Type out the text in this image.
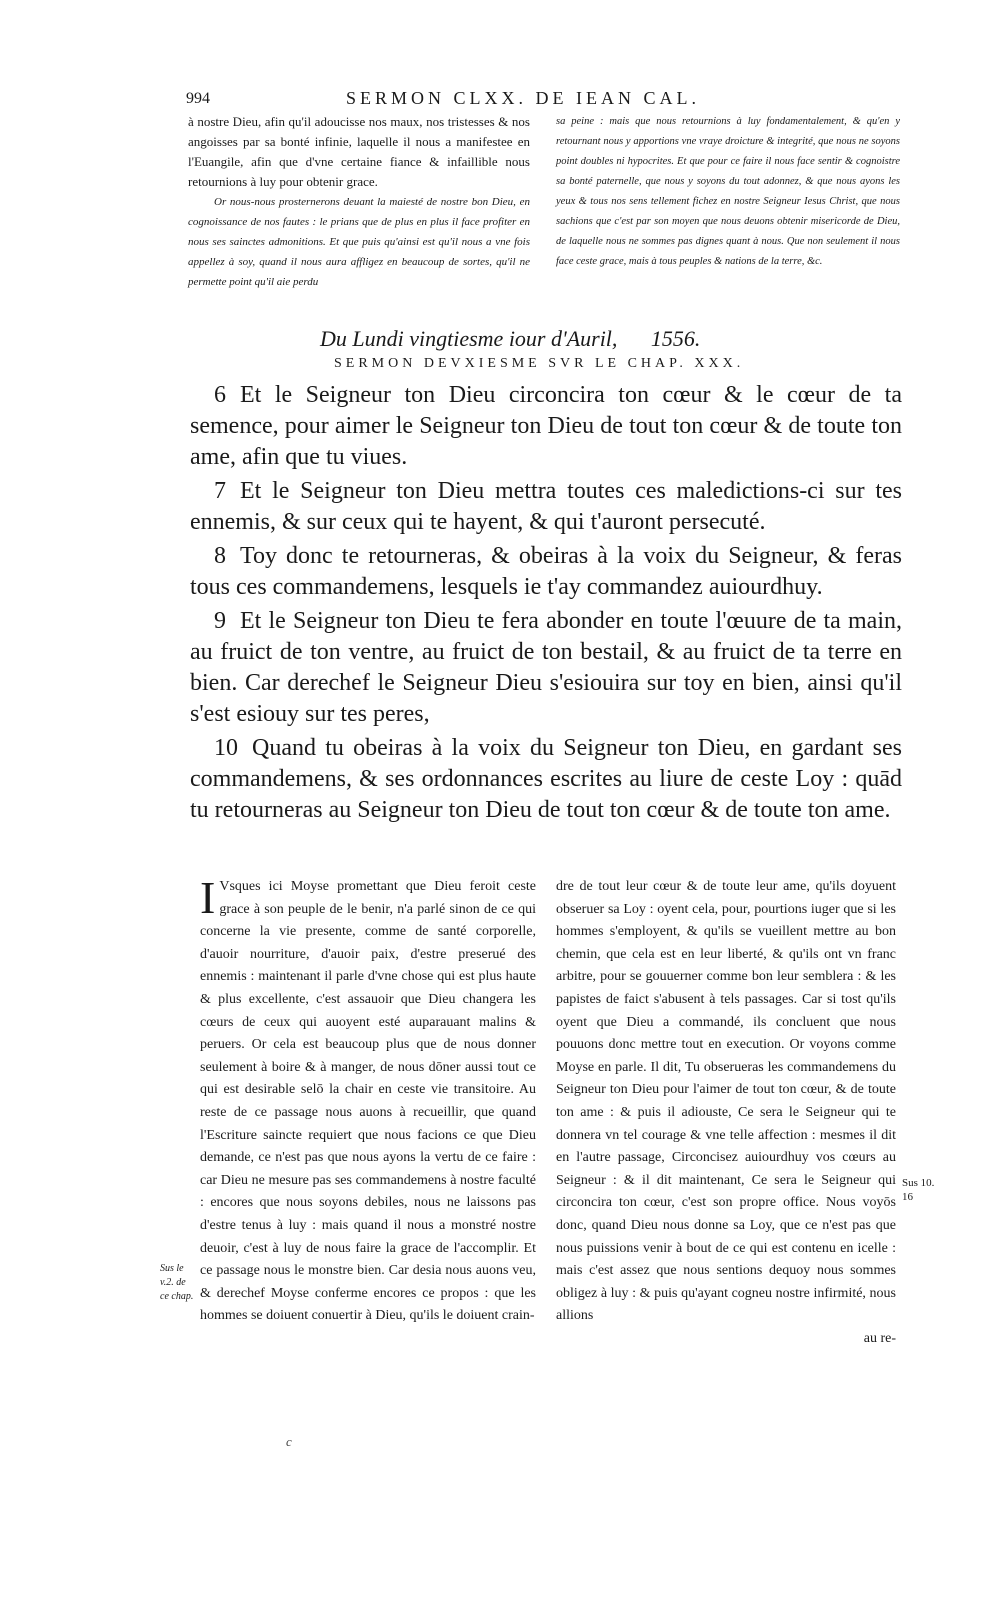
994	SERMON CLXX. DE IEAN CAL.

à nostre Dieu, afin qu'il adoucisse nos maux, nos tristesses & nos angoisses par sa bonté infinie, laquelle il nous a manifestee en l'Euangile, afin que d'vne certaine fiance & infaillible nous retournions à luy pour obtenir grace.

Or nous-nous prosternerons deuant la maiesté de nostre bon Dieu, en cognoissance de nos fautes : le prians que de plus en plus il face profiter en nous ses sainctes admonitions. Et que puis qu'ainsi est qu'il nous a vne fois appellez à soy, quand il nous aura affligez en beaucoup de sortes, qu'il ne permette point qu'il aie perdu

sa peine : mais que nous retournions à luy fondamentalement, & qu'en y retournant nous y apportions vne vraye droicture & integrité, que nous ne soyons point doubles ni hypocrites. Et que pour ce faire il nous face sentir & cognoistre sa bonté paternelle, que nous y soyons du tout adonnez, & que nous ayons les yeux & tous nos sens tellement fichez en nostre Seigneur Iesus Christ, que nous sachions que c'est par son moyen que nous deuons obtenir misericorde de Dieu, de laquelle nous ne sommes pas dignes quant à nous. Que non seulement il nous face ceste grace, mais à tous peuples & nations de la terre, &c.

Du Lundi vingtiesme iour d'Auril, 1556.
SERMON DEVXIESME SVR LE CHAP. XXX.

6 Et le Seigneur ton Dieu circoncira ton cœur & le cœur de ta semence, pour aimer le Seigneur ton Dieu de tout ton cœur & de toute ton ame, afin que tu viues.

7 Et le Seigneur ton Dieu mettra toutes ces maledictions-ci sur tes ennemis, & sur ceux qui te hayent, & qui t'auront persecuté.

8 Toy donc te retourneras, & obeiras à la voix du Seigneur, & feras tous ces commandemens, lesquels ie t'ay commandez auiourdhuy.

9 Et le Seigneur ton Dieu te fera abonder en toute l'œuure de ta main, au fruict de ton ventre, au fruict de ton bestail, & au fruict de ta terre en bien. Car derechef le Seigneur Dieu s'esiouira sur toy en bien, ainsi qu'il s'est esiouy sur tes peres,

10 Quand tu obeiras à la voix du Seigneur ton Dieu, en gardant ses commandemens, & ses ordonnances escrites au liure de ceste Loy : quād tu retourneras au Seigneur ton Dieu de tout ton cœur & de toute ton ame.

I Vsques ici Moyse promettant que Dieu feroit ceste grace à son peuple de le benir, n'a parlé sinon de ce qui concerne la vie presente, comme de santé corporelle, d'auoir nourriture, d'auoir paix, d'estre preserué des ennemis : maintenant il parle d'vne chose qui est plus haute & plus excellente, c'est assauoir que Dieu changera les cœurs de ceux qui auoyent esté auparauant malins & peruers. Or cela est beaucoup plus que de nous donner seulement à boire & à manger, de nous dōner aussi tout ce qui est desirable selō la chair en ceste vie transitoire. Au reste de ce passage nous auons à recueillir, que quand l'Escriture saincte requiert que nous facions ce que Dieu demande, ce n'est pas que nous ayons la vertu de ce faire : car Dieu ne mesure pas ses commandemens à nostre faculté : encores que nous soyons debiles, nous ne laissons pas d'estre tenus à luy : mais quand il nous a monstré nostre deuoir, c'est à luy de nous faire la grace de l'accomplir. Et ce passage nous le monstre bien. Car desia nous auons veu, & derechef Moyse conferme encores ce propos : que les hommes se doiuent conuertir à Dieu, qu'ils le doiuent crain-

dre de tout leur cœur & de toute leur ame, qu'ils doyuent obseruer sa Loy : oyent cela, pour, pourtions iuger que si les hommes s'employent, & qu'ils se vueillent mettre au bon chemin, que cela est en leur liberté, & qu'ils ont vn franc arbitre, pour se gouuerner comme bon leur semblera : & les papistes de faict s'abusent à tels passages. Car si tost qu'ils oyent que Dieu a commandé, ils concluent que nous pouuons donc mettre tout en execution. Or voyons comme Moyse en parle. Il dit, Tu obserueras les commandemens du Seigneur ton Dieu pour l'aimer de tout ton cœur, & de toute ton ame : & puis il adiouste, Ce sera le Seigneur qui te donnera vn tel courage & vne telle affection : mesmes il dit en l'autre passage, Circoncisez auiourdhuy vos cœurs au Seigneur : & il dit maintenant, Ce sera le Seigneur qui circoncira ton cœur, c'est son propre office. Nous voyōs donc, quand Dieu nous donne sa Loy, que ce n'est pas que nous puissions venir à bout de ce qui est contenu en icelle : mais c'est assez que nous sentions dequoy nous sommes obligez à luy : & puis qu'ayant cogneu nostre infirmité, nous allions

au re-

Sus le v.2. de ce chap.
Sus 10. 16
c
